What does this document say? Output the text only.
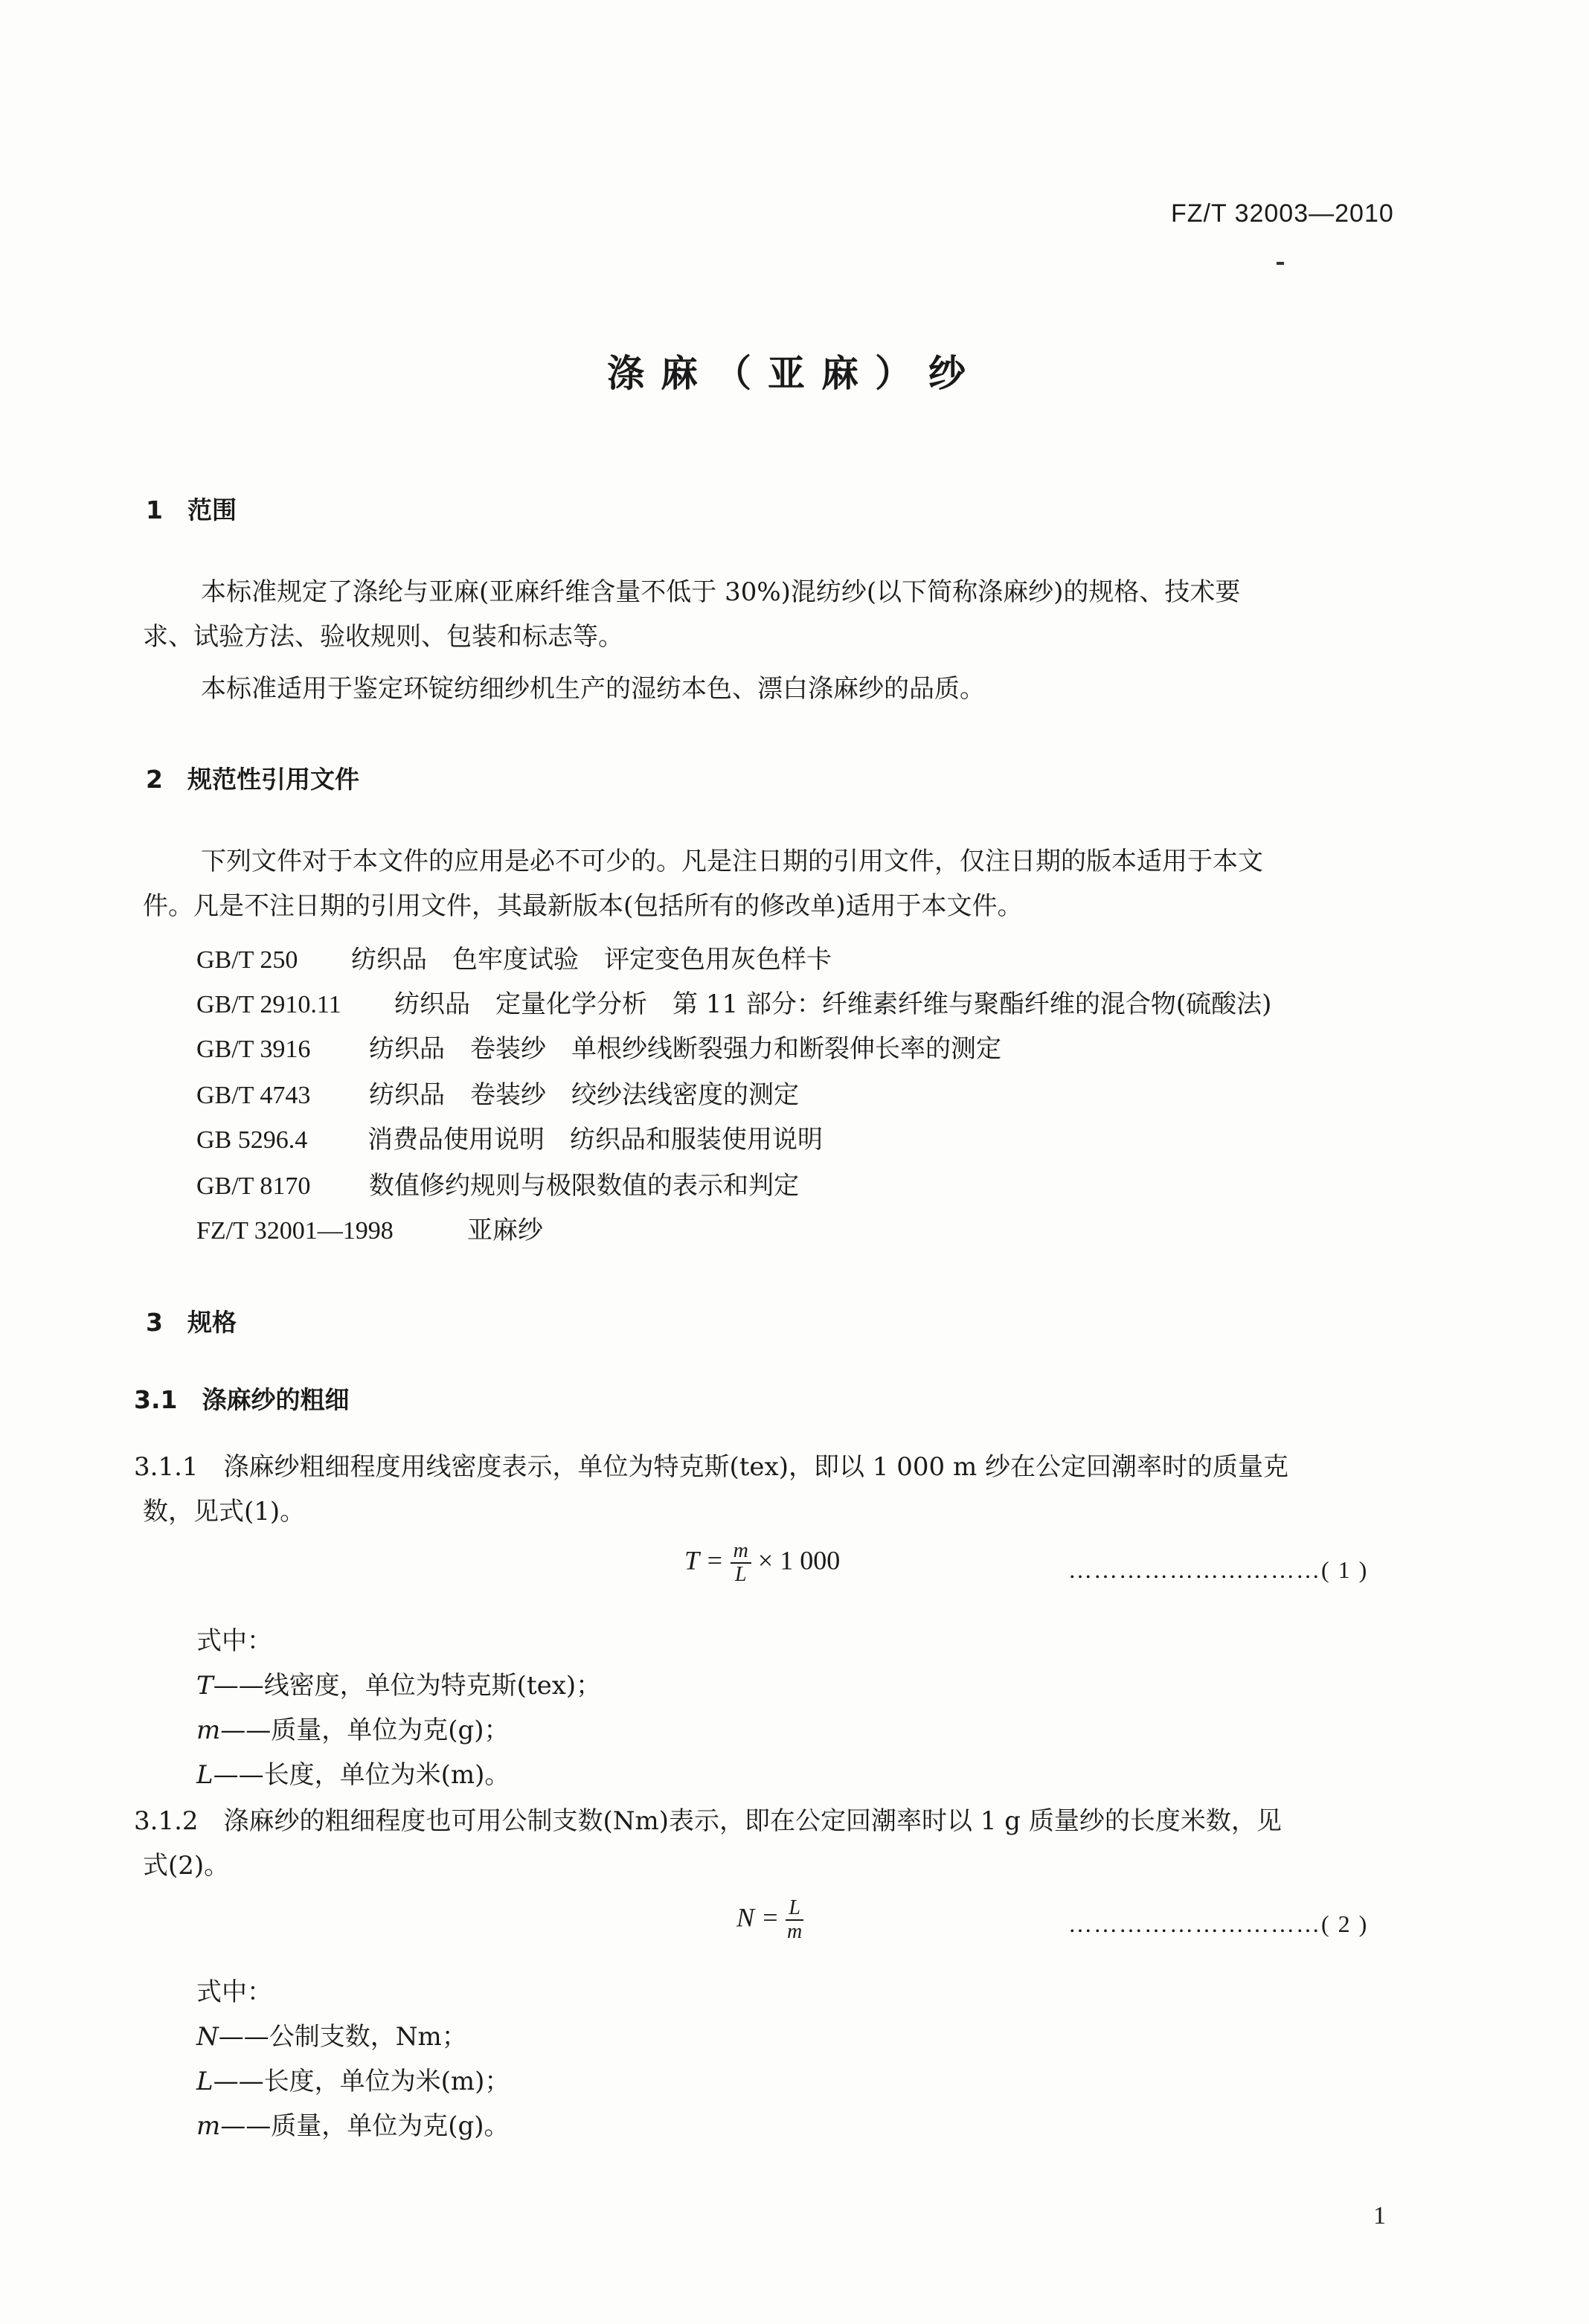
FZ/T 32003—2010
涤麻（亚麻）纱
1　范围
本标准规定了涤纶与亚麻(亚麻纤维含量不低于 30%)混纺纱(以下简称涤麻纱)的规格、技术要
求、试验方法、验收规则、包装和标志等。
本标准适用于鉴定环锭纺细纱机生产的湿纺本色、漂白涤麻纱的品质。
2　规范性引用文件
下列文件对于本文件的应用是必不可少的。凡是注日期的引用文件，仅注日期的版本适用于本文
件。凡是不注日期的引用文件，其最新版本(包括所有的修改单)适用于本文件。
GB/T 250 纺织品　色牢度试验　评定变色用灰色样卡
GB/T 2910.11 纺织品　定量化学分析　第 11 部分：纤维素纤维与聚酯纤维的混合物(硫酸法)
GB/T 3916 纺织品　卷装纱　单根纱线断裂强力和断裂伸长率的测定
GB/T 4743 纺织品　卷装纱　绞纱法线密度的测定
GB 5296.4 消费品使用说明　纺织品和服装使用说明
GB/T 8170 数值修约规则与极限数值的表示和判定
FZ/T 32001—1998	亚麻纱
3　规格
3.1　涤麻纱的粗细
3.1.1　涤麻纱粗细程度用线密度表示，单位为特克斯(tex)，即以 1 000 m 纱在公定回潮率时的质量克
数，见式(1)。
$T = \frac{m}{L} \times 1$ 000	…………………………( 1 )
式中：
T——线密度，单位为特克斯(tex)；
m——质量，单位为克(g)；
L——长度，单位为米(m)。
3.1.2　涤麻纱的粗细程度也可用公制支数(Nm)表示，即在公定回潮率时以 1 g 质量纱的长度米数，见
式(2)。
$N = \frac{L}{m}$	…………………………( 2 )
式中：
N——公制支数，Nm；
L——长度，单位为米(m)；
m——质量，单位为克(g)。
1
